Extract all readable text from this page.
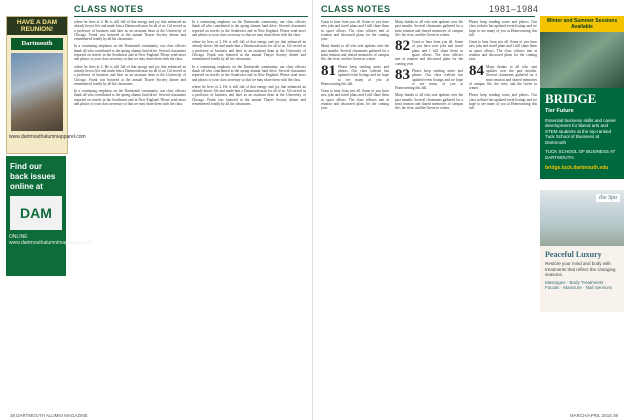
HAVE A DAM REUNION!
Dartmouth
www.dartmouthalumniapparel.com
Find our back issues online at
DAM
ONLINE
www.dartmouthalumnimagazine.com
CLASS NOTES

where he lives at 2. He is still full of that energy and joy that enhanced an already heroic life and made him a Dartmouth man for all of us. Gil served as a professor of business and later as an assistant dean at the University of Chicago. Frank was honored at the annual Thayer Society dinner and remembered fondly by all his classmates.

In a continuing emphasis on the Dartmouth community, our class officers thank all who contributed to the spring alumni fund drive. Several classmates reported on travels in the Southwest and in New England. Please send news and photos to your class secretary so that we may share them with the class.

where he lives at 2. He is still full of that energy and joy that enhanced an already heroic life and made him a Dartmouth man for all of us. Gil served as a professor of business and later as an assistant dean at the University of Chicago. Frank was honored at the annual Thayer Society dinner and remembered fondly by all his classmates.

In a continuing emphasis on the Dartmouth community, our class officers thank all who contributed to the spring alumni fund drive. Several classmates reported on travels in the Southwest and in New England. Please send news and photos to your class secretary so that we may share them with the class.

In a continuing emphasis on the Dartmouth community, our class officers thank all who contributed to the spring alumni fund drive. Several classmates reported on travels in the Southwest and in New England. Please send news and photos to your class secretary so that we may share them with the class.

where he lives at 2. He is still full of that energy and joy that enhanced an already heroic life and made him a Dartmouth man for all of us. Gil served as a professor of business and later as an assistant dean at the University of Chicago. Frank was honored at the annual Thayer Society dinner and remembered fondly by all his classmates.

In a continuing emphasis on the Dartmouth community, our class officers thank all who contributed to the spring alumni fund drive. Several classmates reported on travels in the Southwest and in New England. Please send news and photos to your class secretary so that we may share them with the class.

where he lives at 2. He is still full of that energy and joy that enhanced an already heroic life and made him a Dartmouth man for all of us. Gil served as a professor of business and later as an assistant dean at the University of Chicago. Frank was honored at the annual Thayer Society dinner and remembered fondly by all his classmates.

38 DARTMOUTH ALUMNI MAGAZINE
CLASS NOTES	1981–1984

Great to hear from you all. Some of you have new jobs and travel plans and I will share them as space allows. The class officers met at reunion and discussed plans for the coming year.

Many thanks to all who sent updates over the past months. Several classmates gathered for a mini reunion and shared memories of campus life, the river, and the Green in winter.

81 Please keep sending notes and photos. Our class website has updated event listings and we hope to see many of you at Homecoming this fall.

Great to hear from you all. Some of you have new jobs and travel plans and I will share them as space allows. The class officers met at reunion and discussed plans for the coming year.

Many thanks to all who sent updates over the past months. Several classmates gathered for a mini reunion and shared memories of campus life, the river, and the Green in winter.

82 Great to hear from you all. Some of you have new jobs and travel plans and I will share them as space allows. The class officers met at reunion and discussed plans for the coming year.

83 Please keep sending notes and photos. Our class website has updated event listings and we hope to see many of you at Homecoming this fall.

Many thanks to all who sent updates over the past months. Several classmates gathered for a mini reunion and shared memories of campus life, the river, and the Green in winter.

Please keep sending notes and photos. Our class website has updated event listings and we hope to see many of you at Homecoming this fall.

Great to hear from you all. Some of you have new jobs and travel plans and I will share them as space allows. The class officers met at reunion and discussed plans for the coming year.

84 Many thanks to all who sent updates over the past months. Several classmates gathered for a mini reunion and shared memories of campus life, the river, and the Green in winter.

Please keep sending notes and photos. Our class website has updated event listings and we hope to see many of you at Homecoming this fall.

MARCH/APRIL 2016 39
Winter and Summer Sessions Available
BRIDGE
Tier Future
Essential business skills and career development for liberal arts and STEM students at the top-ranked Tuck School of Business at Dartmouth
TUCK SCHOOL OF BUSINESS AT DARTMOUTH
bridge.tuck.dartmouth.edu
the Spa
Peaceful Luxury
Restore your mind and body with treatments that reflect the changing seasons.
Massages · Body Treatments · Facials · Manicure · Nail Services
